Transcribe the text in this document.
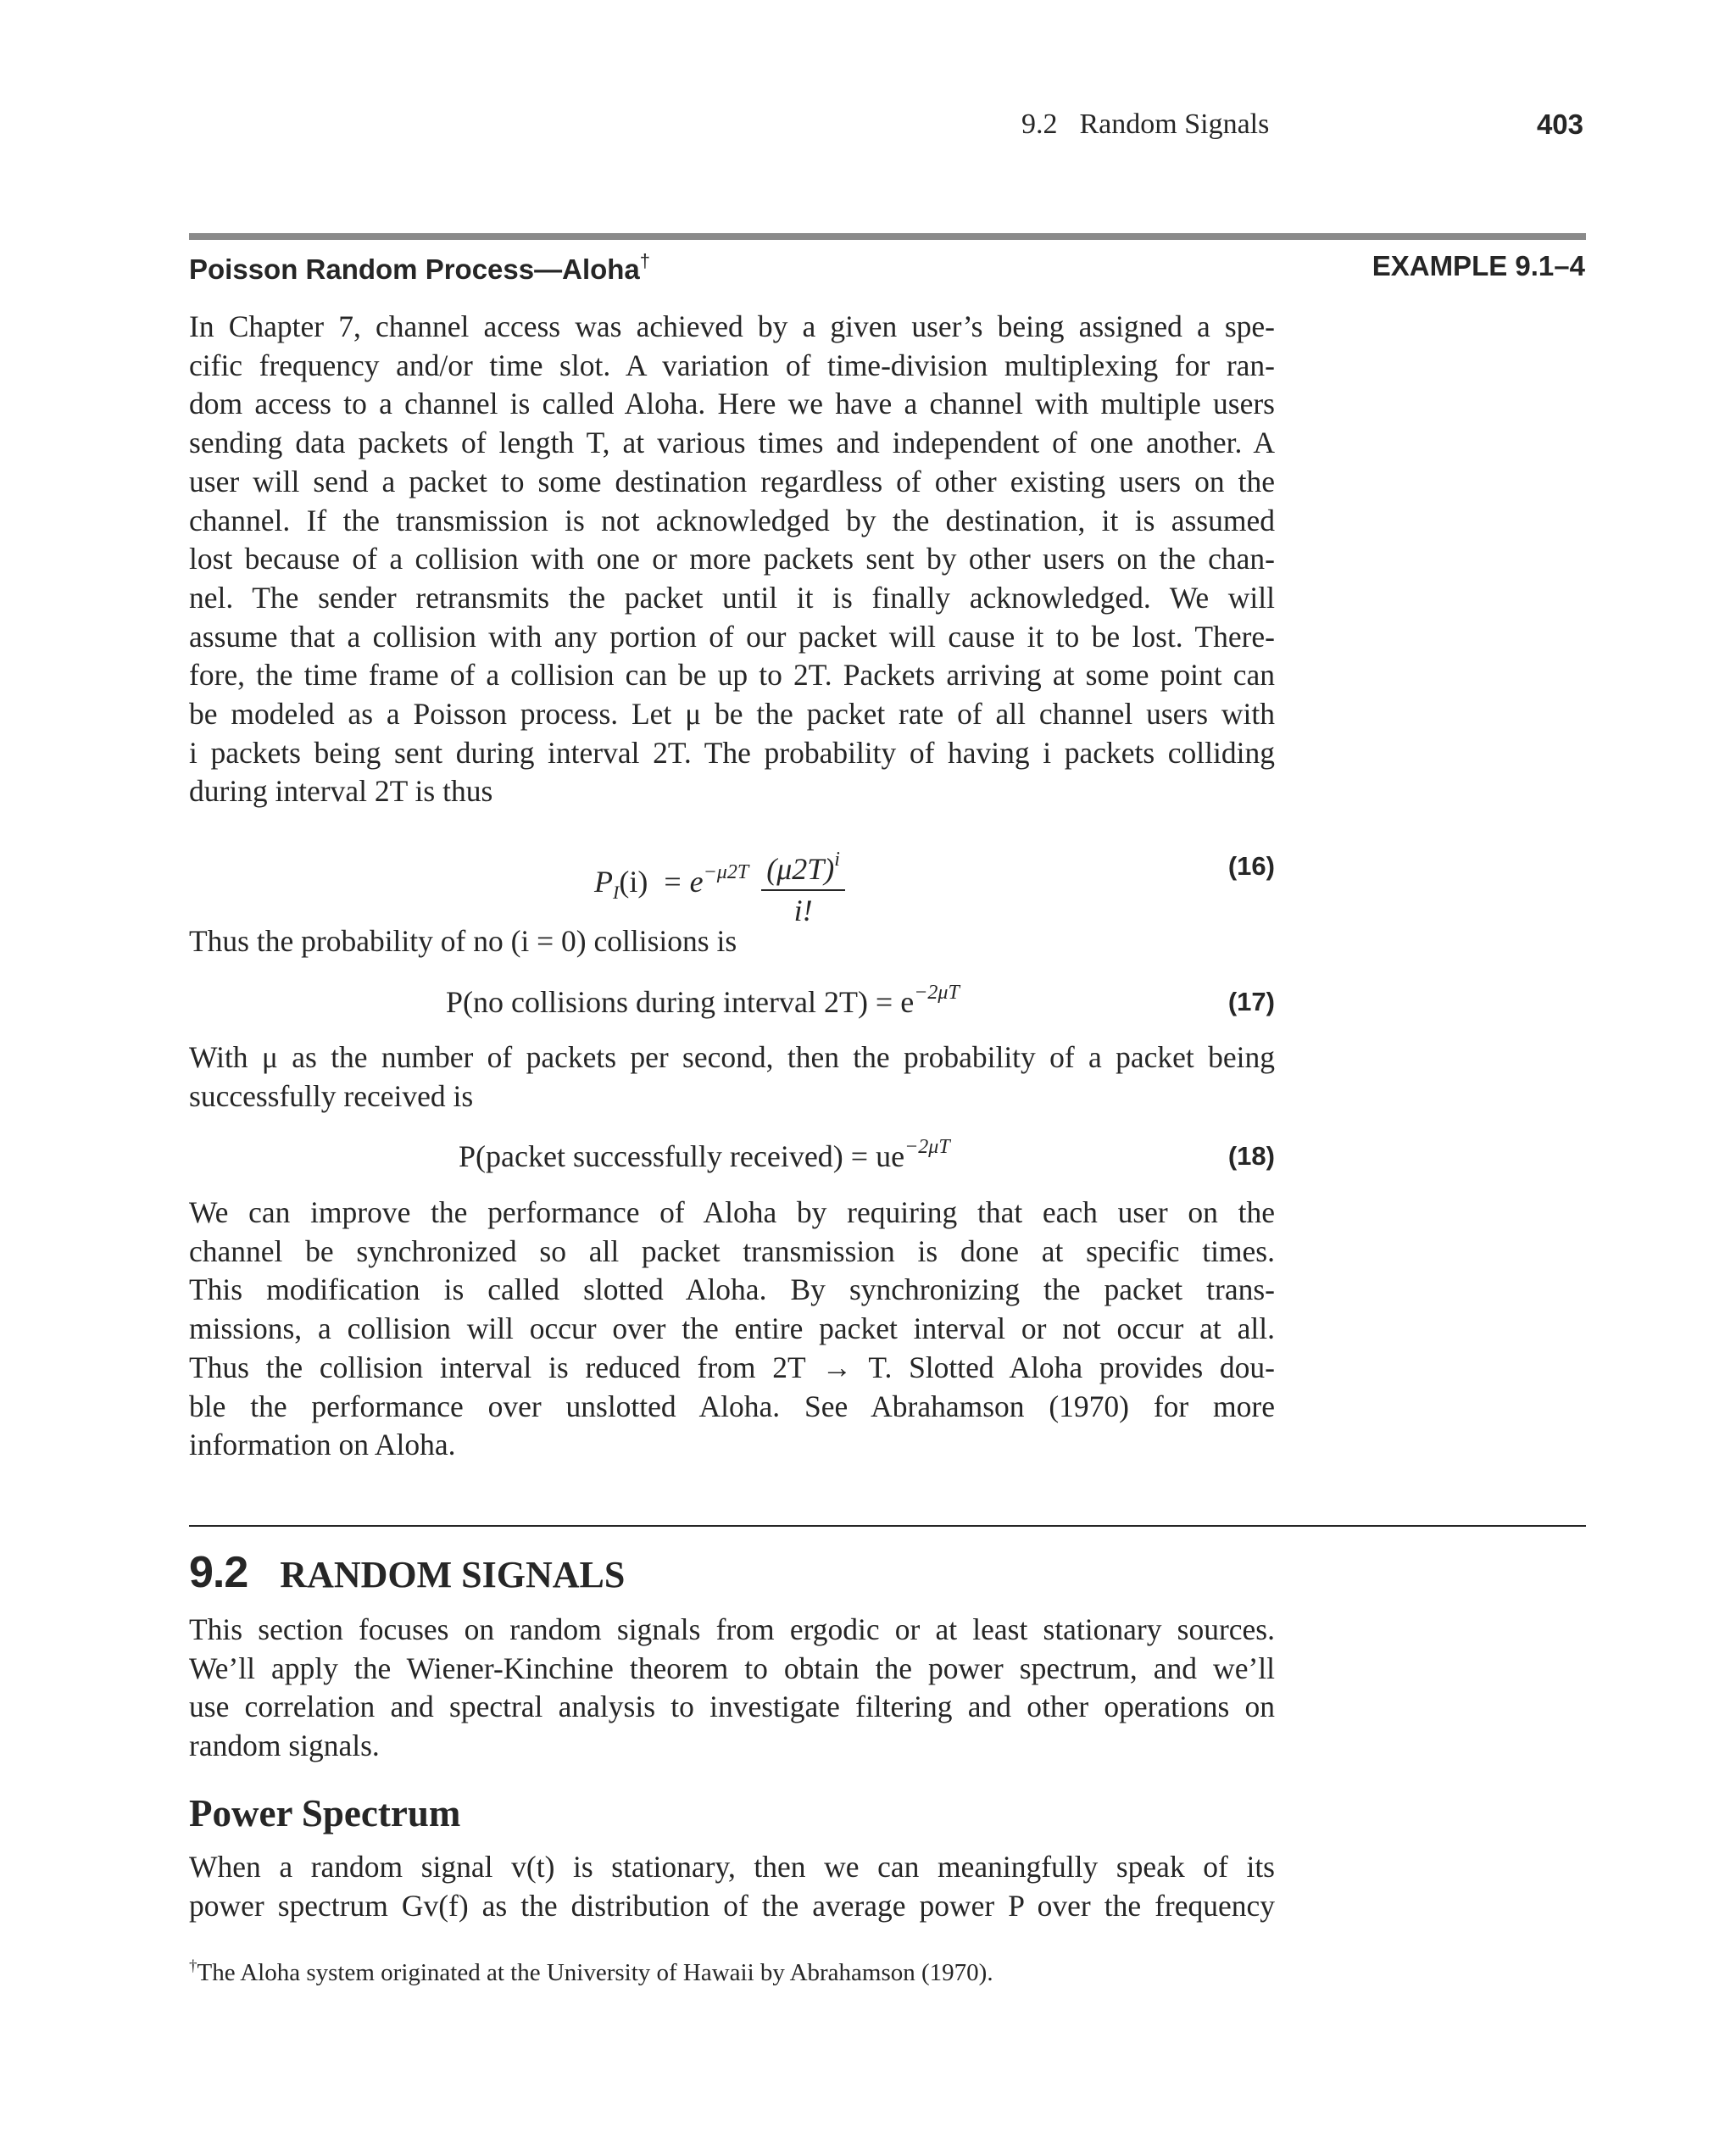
9.2 Random Signals	403
Poisson Random Process—Aloha†	EXAMPLE 9.1–4
In Chapter 7, channel access was achieved by a given user’s being assigned a spe-
cific frequency and/or time slot. A variation of time-division multiplexing for ran-
dom access to a channel is called Aloha. Here we have a channel with multiple users
sending data packets of length T, at various times and independent of one another. A
user will send a packet to some destination regardless of other existing users on the
channel. If the transmission is not acknowledged by the destination, it is assumed
lost because of a collision with one or more packets sent by other users on the chan-
nel. The sender retransmits the packet until it is finally acknowledged. We will
assume that a collision with any portion of our packet will cause it to be lost. There-
fore, the time frame of a collision can be up to 2T. Packets arriving at some point can
be modeled as a Poisson process. Let μ be the packet rate of all channel users with
i packets being sent during interval 2T. The probability of having i packets colliding
during interval 2T is thus
$P_I(i) = e^{-\mu 2T} \frac{(\mu 2T)^i}{i!}$	(16)
Thus the probability of no (i = 0) collisions is
P(no collisions during interval $2T) = e^{-2\mu T}$	(17)
With μ as the number of packets per second, then the probability of a packet being
successfully received is
P(packet successfully received) = $ue^{-2\mu T}$	(18)
We can improve the performance of Aloha by requiring that each user on the
channel be synchronized so all packet transmission is done at specific times.
This modification is called slotted Aloha. By synchronizing the packet trans-
missions, a collision will occur over the entire packet interval or not occur at all.
Thus the collision interval is reduced from 2T → T. Slotted Aloha provides dou-
ble the performance over unslotted Aloha. See Abrahamson (1970) for more
information on Aloha.
9.2 RANDOM SIGNALS
This section focuses on random signals from ergodic or at least stationary sources.
We’ll apply the Wiener-Kinchine theorem to obtain the power spectrum, and we’ll
use correlation and spectral analysis to investigate filtering and other operations on
random signals.
Power Spectrum
When a random signal v(t) is stationary, then we can meaningfully speak of its
power spectrum Gv(f) as the distribution of the average power P over the frequency
†The Aloha system originated at the University of Hawaii by Abrahamson (1970).
